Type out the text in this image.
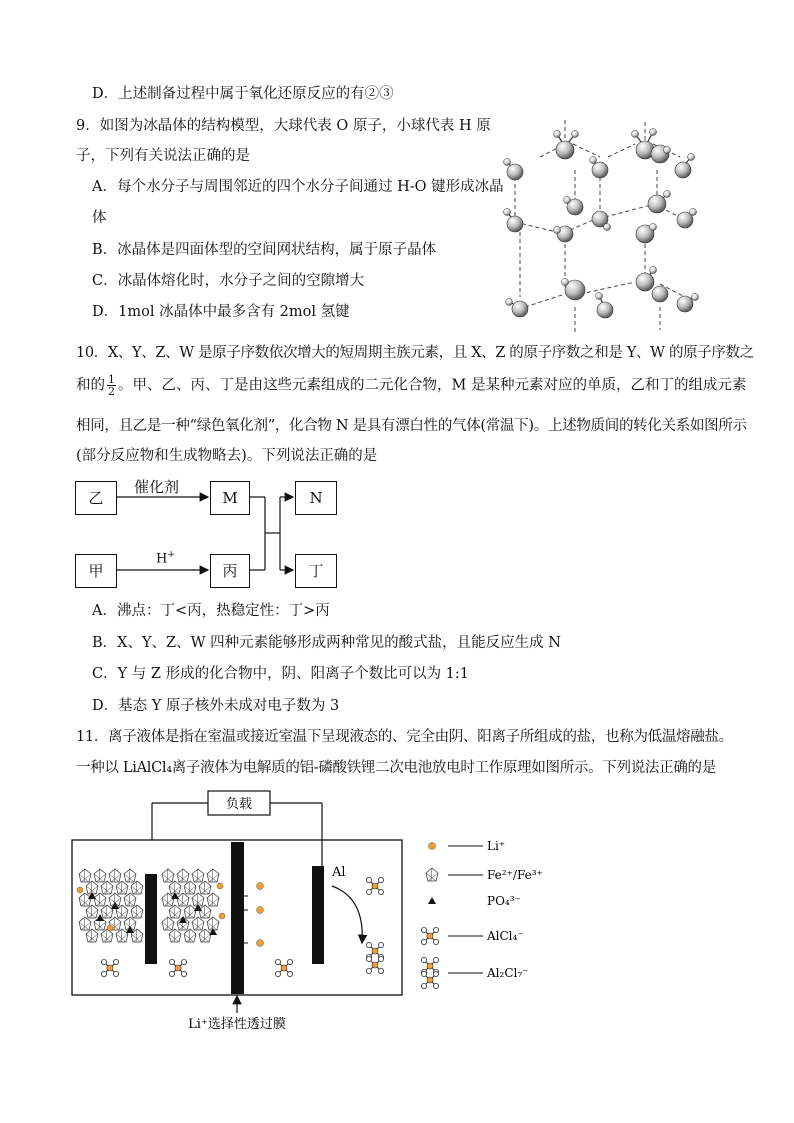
D．上述制备过程中属于氧化还原反应的有②③
9．如图为冰晶体的结构模型，大球代表 O 原子，小球代表 H 原
子，下列有关说法正确的是
A．每个水分子与周围邻近的四个水分子间通过 H-O 键形成冰晶
体
B．冰晶体是四面体型的空间网状结构，属于原子晶体
C．冰晶体熔化时，水分子之间的空隙增大
D．1mol 冰晶体中最多含有 2mol 氢键
10．X、Y、Z、W 是原子序数依次增大的短周期主族元素，且 X、Z 的原子序数之和是 Y、W 的原子序数之
和的 $\frac{1}{2}$ 。甲、乙、丙、丁是由这些元素组成的二元化合物，M 是某种元素对应的单质，乙和丁的组成元素
相同，且乙是一种“绿色氧化剂”，化合物 N 是具有漂白性的气体(常温下)。上述物质间的转化关系如图所示
(部分反应物和生成物略去)。下列说法正确的是
乙	M	N
甲	丙	丁
催化剂
H+
A．沸点：丁<丙，热稳定性：丁>丙
B．X、Y、Z、W 四种元素能够形成两种常见的酸式盐，且能反应生成 N
C．Y 与 Z 形成的化合物中，阴、阳离子个数比可以为 1:1
D．基态 Y 原子核外未成对电子数为 3
11．离子液体是指在室温或接近室温下呈现液态的、完全由阴、阳离子所组成的盐，也称为低温熔融盐。
一种以 LiAlCl₄离子液体为电解质的铝-磷酸铁锂二次电池放电时工作原理如图所示。下列说法正确的是
负载
Al
Li⁺选择性透过膜
Li⁺
Fe²⁺/Fe³⁺
PO₄³⁻
AlCl₄⁻
Al₂Cl₇⁻
